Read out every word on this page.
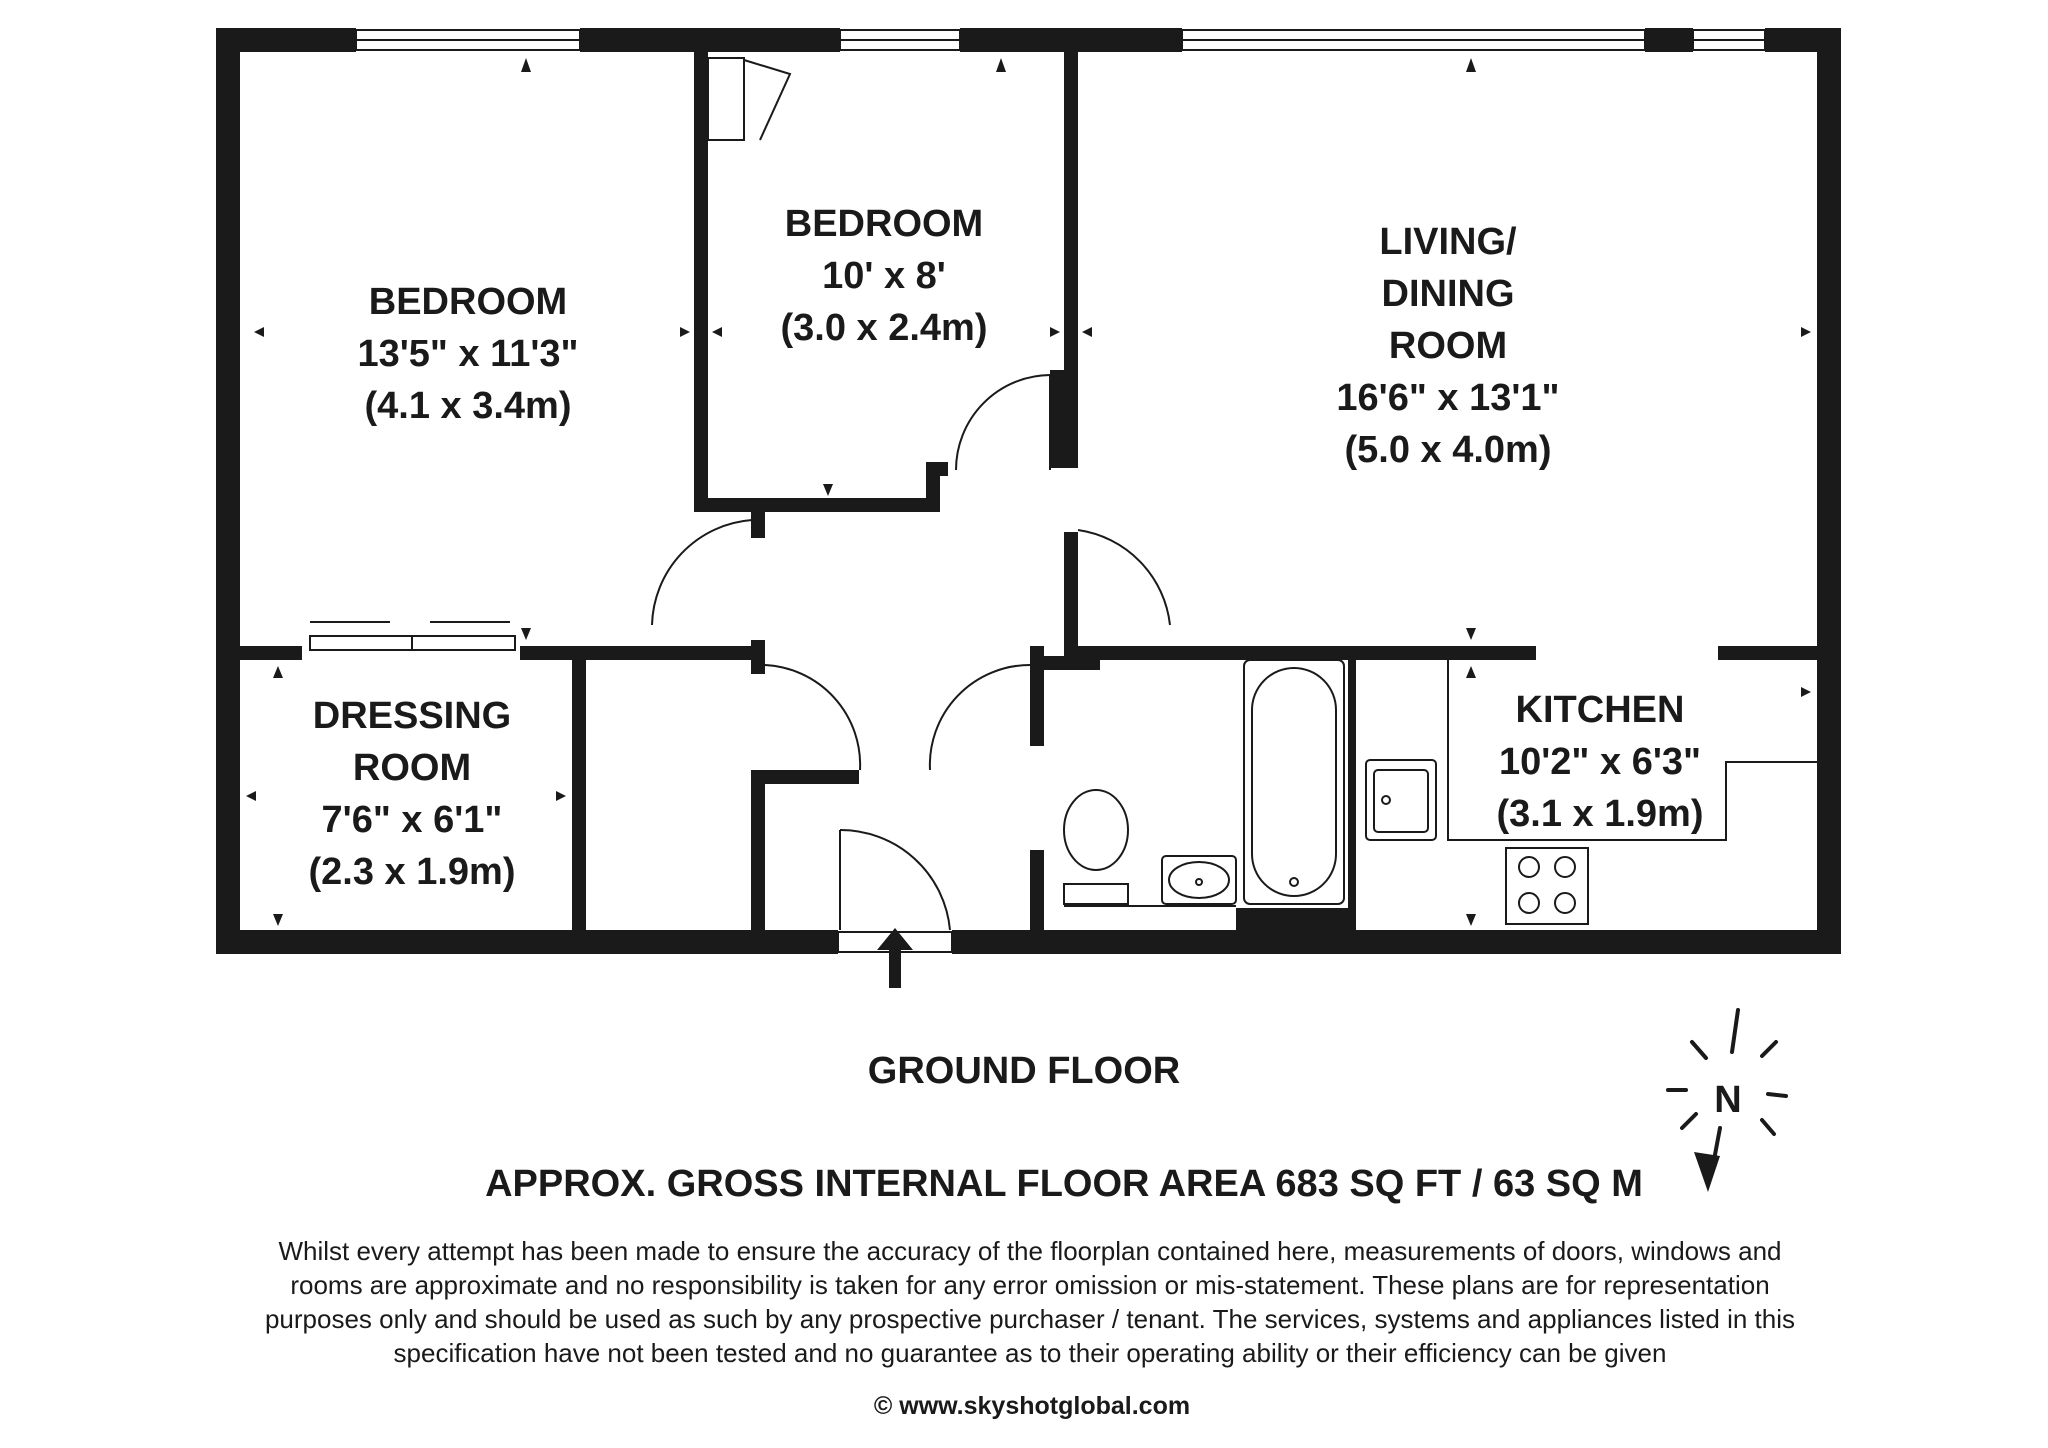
N
BEDROOM
13'5" x 11'3"
(4.1 x 3.4m)
BEDROOM
10' x 8'
(3.0 x 2.4m)
LIVING/
DINING
ROOM
16'6" x 13'1"
(5.0 x 4.0m)
DRESSING
ROOM
7'6" x 6'1"
(2.3 x 1.9m)
KITCHEN
10'2" x 6'3"
(3.1 x 1.9m)
GROUND FLOOR
APPROX. GROSS INTERNAL FLOOR AREA 683 SQ FT / 63 SQ M
Whilst every attempt has been made to ensure the accuracy of the floorplan contained here, measurements of doors, windows and
rooms are approximate and no responsibility is taken for any error omission or mis-statement. These plans are for representation
purposes only and should be used as such by any prospective purchaser / tenant. The services, systems and appliances listed in this
specification have not been tested and no guarantee as to their operating ability or their efficiency can be given
© www.skyshotglobal.com
